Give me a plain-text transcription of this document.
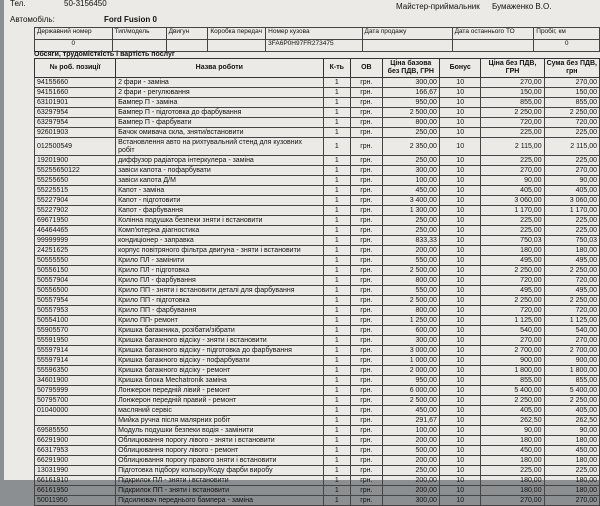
Тел.	50-3156450
Автомобіль:	Ford Fusion 0
Майстер-приймальник Бумаженко В.О.
Державний номер	Тип/модель	Двигун	Коробка передач	Номер кузова	Дата продажу	Дата останнього ТО	Пробіг, км
0				3FA6P0H97FR273475			0
Обсяги, трудомісткість і вартість послуг
№ роб. позиції	Назва роботи	К-ть	ОВ	Ціна базова без ПДВ, ГРН	Бонус	Ціна без ПДВ, ГРН	Сума без ПДВ, грн
94155660	2 фари - заміна	1	грн.	300,00	10	270,00	270,00
94151660	2 фари - регулювання	1	грн.	166,67	10	150,00	150,00
63101901	Бампер П - заміна	1	грн.	950,00	10	855,00	855,00
63297954	Бампер П - підготовка до фарбування	1	грн.	2 500,00	10	2 250,00	2 250,00
63297954	Бампер П - фарбувати	1	грн.	800,00	10	720,00	720,00
92601903	Бачок омивача скла, зняти/встановити	1	грн.	250,00	10	225,00	225,00
012500549	Встановлення авто на рихтувальний стенд для кузовних робіт	1	грн.	2 350,00	10	2 115,00	2 115,00
19201900	диффузор радіатора інтеркулера - заміна	1	грн.	250,00	10	225,00	225,00
55255650122	завіси капота - пофарбувати	1	грн.	300,00	10	270,00	270,00
55255650	завіси капота Д/М	1	грн.	100,00	10	90,00	90,00
55225515	Капот - заміна	1	грн.	450,00	10	405,00	405,00
55227904	Капот - підготовити	1	грн.	3 400,00	10	3 060,00	3 060,00
55227902	Капот - фарбування	1	грн.	1 300,00	10	1 170,00	1 170,00
69671950	Колінна подушка безпеки зняти і встановити	1	грн.	250,00	10	225,00	225,00
46464465	Комп'ютерна діагностика	1	грн.	250,00	10	225,00	225,00
99999999	кондиціонер - заправка	1	грн.	833,33	10	750,03	750,03
24251625	корпус повітряного фільтра двигуна - зняти і встановити	1	грн.	200,00	10	180,00	180,00
50555550	Крило ПЛ - замінити	1	грн.	550,00	10	495,00	495,00
50556150	Крило ПЛ - підготовка	1	грн.	2 500,00	10	2 250,00	2 250,00
50557904	Крило ПЛ - фарбування	1	грн.	800,00	10	720,00	720,00
50556500	Крило ПП - зняти і встановити деталі для фарбування	1	грн.	550,00	10	495,00	495,00
50557954	Крило ПП - підготовка	1	грн.	2 500,00	10	2 250,00	2 250,00
50557953	Крило ПП - фарбування	1	грн.	800,00	10	720,00	720,00
50554100	Крило ПП- ремонт	1	грн.	1 250,00	10	1 125,00	1 125,00
55905570	Кришка багажника, розібати/зібрати	1	грн.	600,00	10	540,00	540,00
55591950	Кришка багажного відсіку - зняти і встановити	1	грн.	300,00	10	270,00	270,00
55597914	Кришка багажного відсіку - підготовка до фарбування	1	грн.	3 000,00	10	2 700,00	2 700,00
55597914	Кришка багажного відсіку - пофарбувати	1	грн.	1 000,00	10	900,00	900,00
55596350	Кришка багажного відсіку - ремонт	1	грн.	2 000,00	10	1 800,00	1 800,00
34601900	Кришка блока Mechatronik заміна	1	грн.	950,00	10	855,00	855,00
50795999	Лонжерон передній лівий - ремонт	1	грн.	6 000,00	10	5 400,00	5 400,00
50795700	Лонжерон передній правий - ремонт	1	грн.	2 500,00	10	2 250,00	2 250,00
01040000	масляний сервіс	1	грн.	450,00	10	405,00	405,00
	Мийка ручна після малярних робіт	1	грн.	291,67	10	262,50	262,50
69585550	Модуль подушки безпеки водія - замінити	1	грн.	100,00	10	90,00	90,00
66291900	Облицювання порогу лівого - зняти і встановити	1	грн.	200,00	10	180,00	180,00
66317953	Облицювання порогу лівого - ремонт	1	грн.	500,00	10	450,00	450,00
66291900	Облицювання порогу правого зняти і встановити	1	грн.	200,00	10	180,00	180,00
13031990	Підготовка підбору кольору/Коду фарби виробу	1	грн.	250,00	10	225,00	225,00
66161910	Підкрилок ПЛ - зняти і встановити	1	грн.	200,00	10	180,00	180,00
66161950	Підкрилок ПП - зняти і встановити	1	грн.	200,00	10	180,00	180,00
50011950	Підсилювач переднього бампера - заміна	1	грн.	300,00	10	270,00	270,00
